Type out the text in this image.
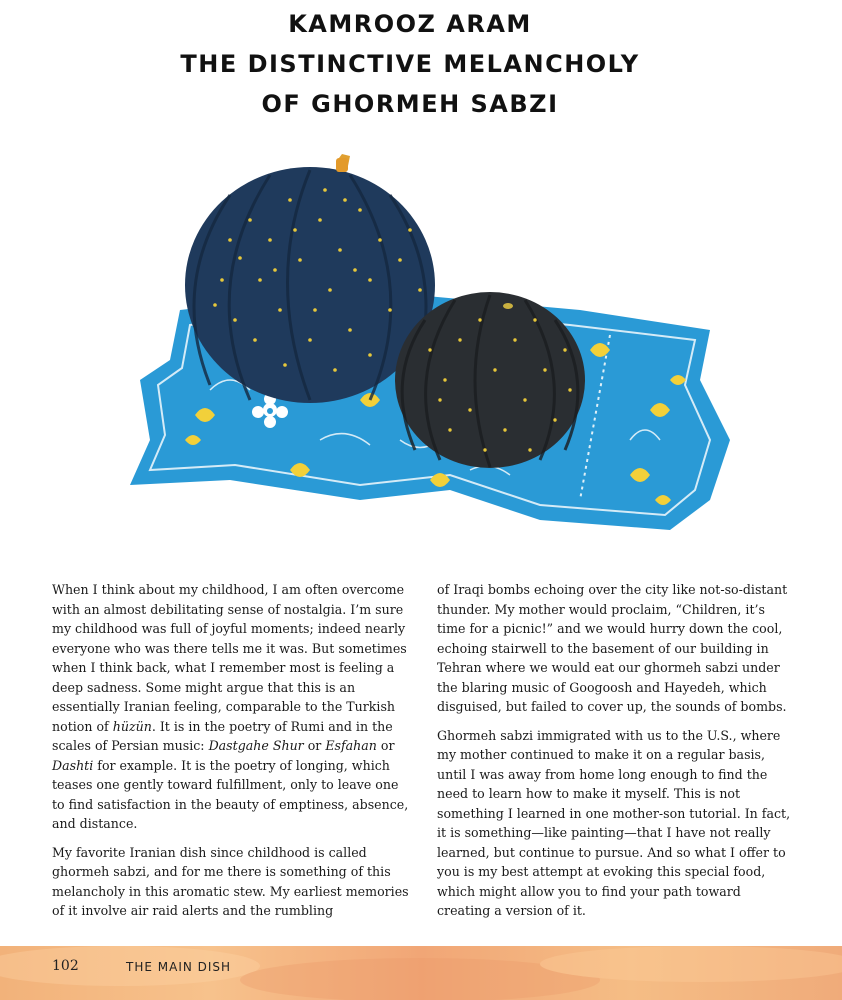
KAMROOZ ARAM
THE DISTINCTIVE MELANCHOLY
OF GHORMEH SABZI

When I think about my childhood, I am often overcome with an almost debilitating sense of nostalgia. I’m sure my childhood was full of joyful moments; indeed nearly everyone who was there tells me it was. But sometimes when I think back, what I remember most is feeling a deep sadness. Some might argue that this is an essentially Iranian feeling, comparable to the Turkish notion of hüzün. It is in the poetry of Rumi and in the scales of Persian music: Dastgahe Shur or Esfahan or Dashti for example. It is the poetry of longing, which teases one gently toward fulfillment, only to leave one to find satisfaction in the beauty of emptiness, absence, and distance.

My favorite Iranian dish since childhood is called ghormeh sabzi, and for me there is something of this melancholy in this aromatic stew. My earliest memories of it involve air raid alerts and the rumbling

of Iraqi bombs echoing over the city like not-so-distant thunder. My mother would proclaim, “Children, it’s time for a picnic!” and we would hurry down the cool, echoing stairwell to the basement of our building in Tehran where we would eat our ghormeh sabzi under the blaring music of Googoosh and Hayedeh, which disguised, but failed to cover up, the sounds of bombs.

Ghormeh sabzi immigrated with us to the U.S., where my mother continued to make it on a regular basis, until I was away from home long enough to find the need to learn how to make it myself. This is not something I learned in one mother-son tutorial. In fact, it is something—like painting—that I have not really learned, but continue to pursue. And so what I offer to you is my best attempt at evoking this special food, which might allow you to find your path toward creating a version of it.

102	THE MAIN DISH
